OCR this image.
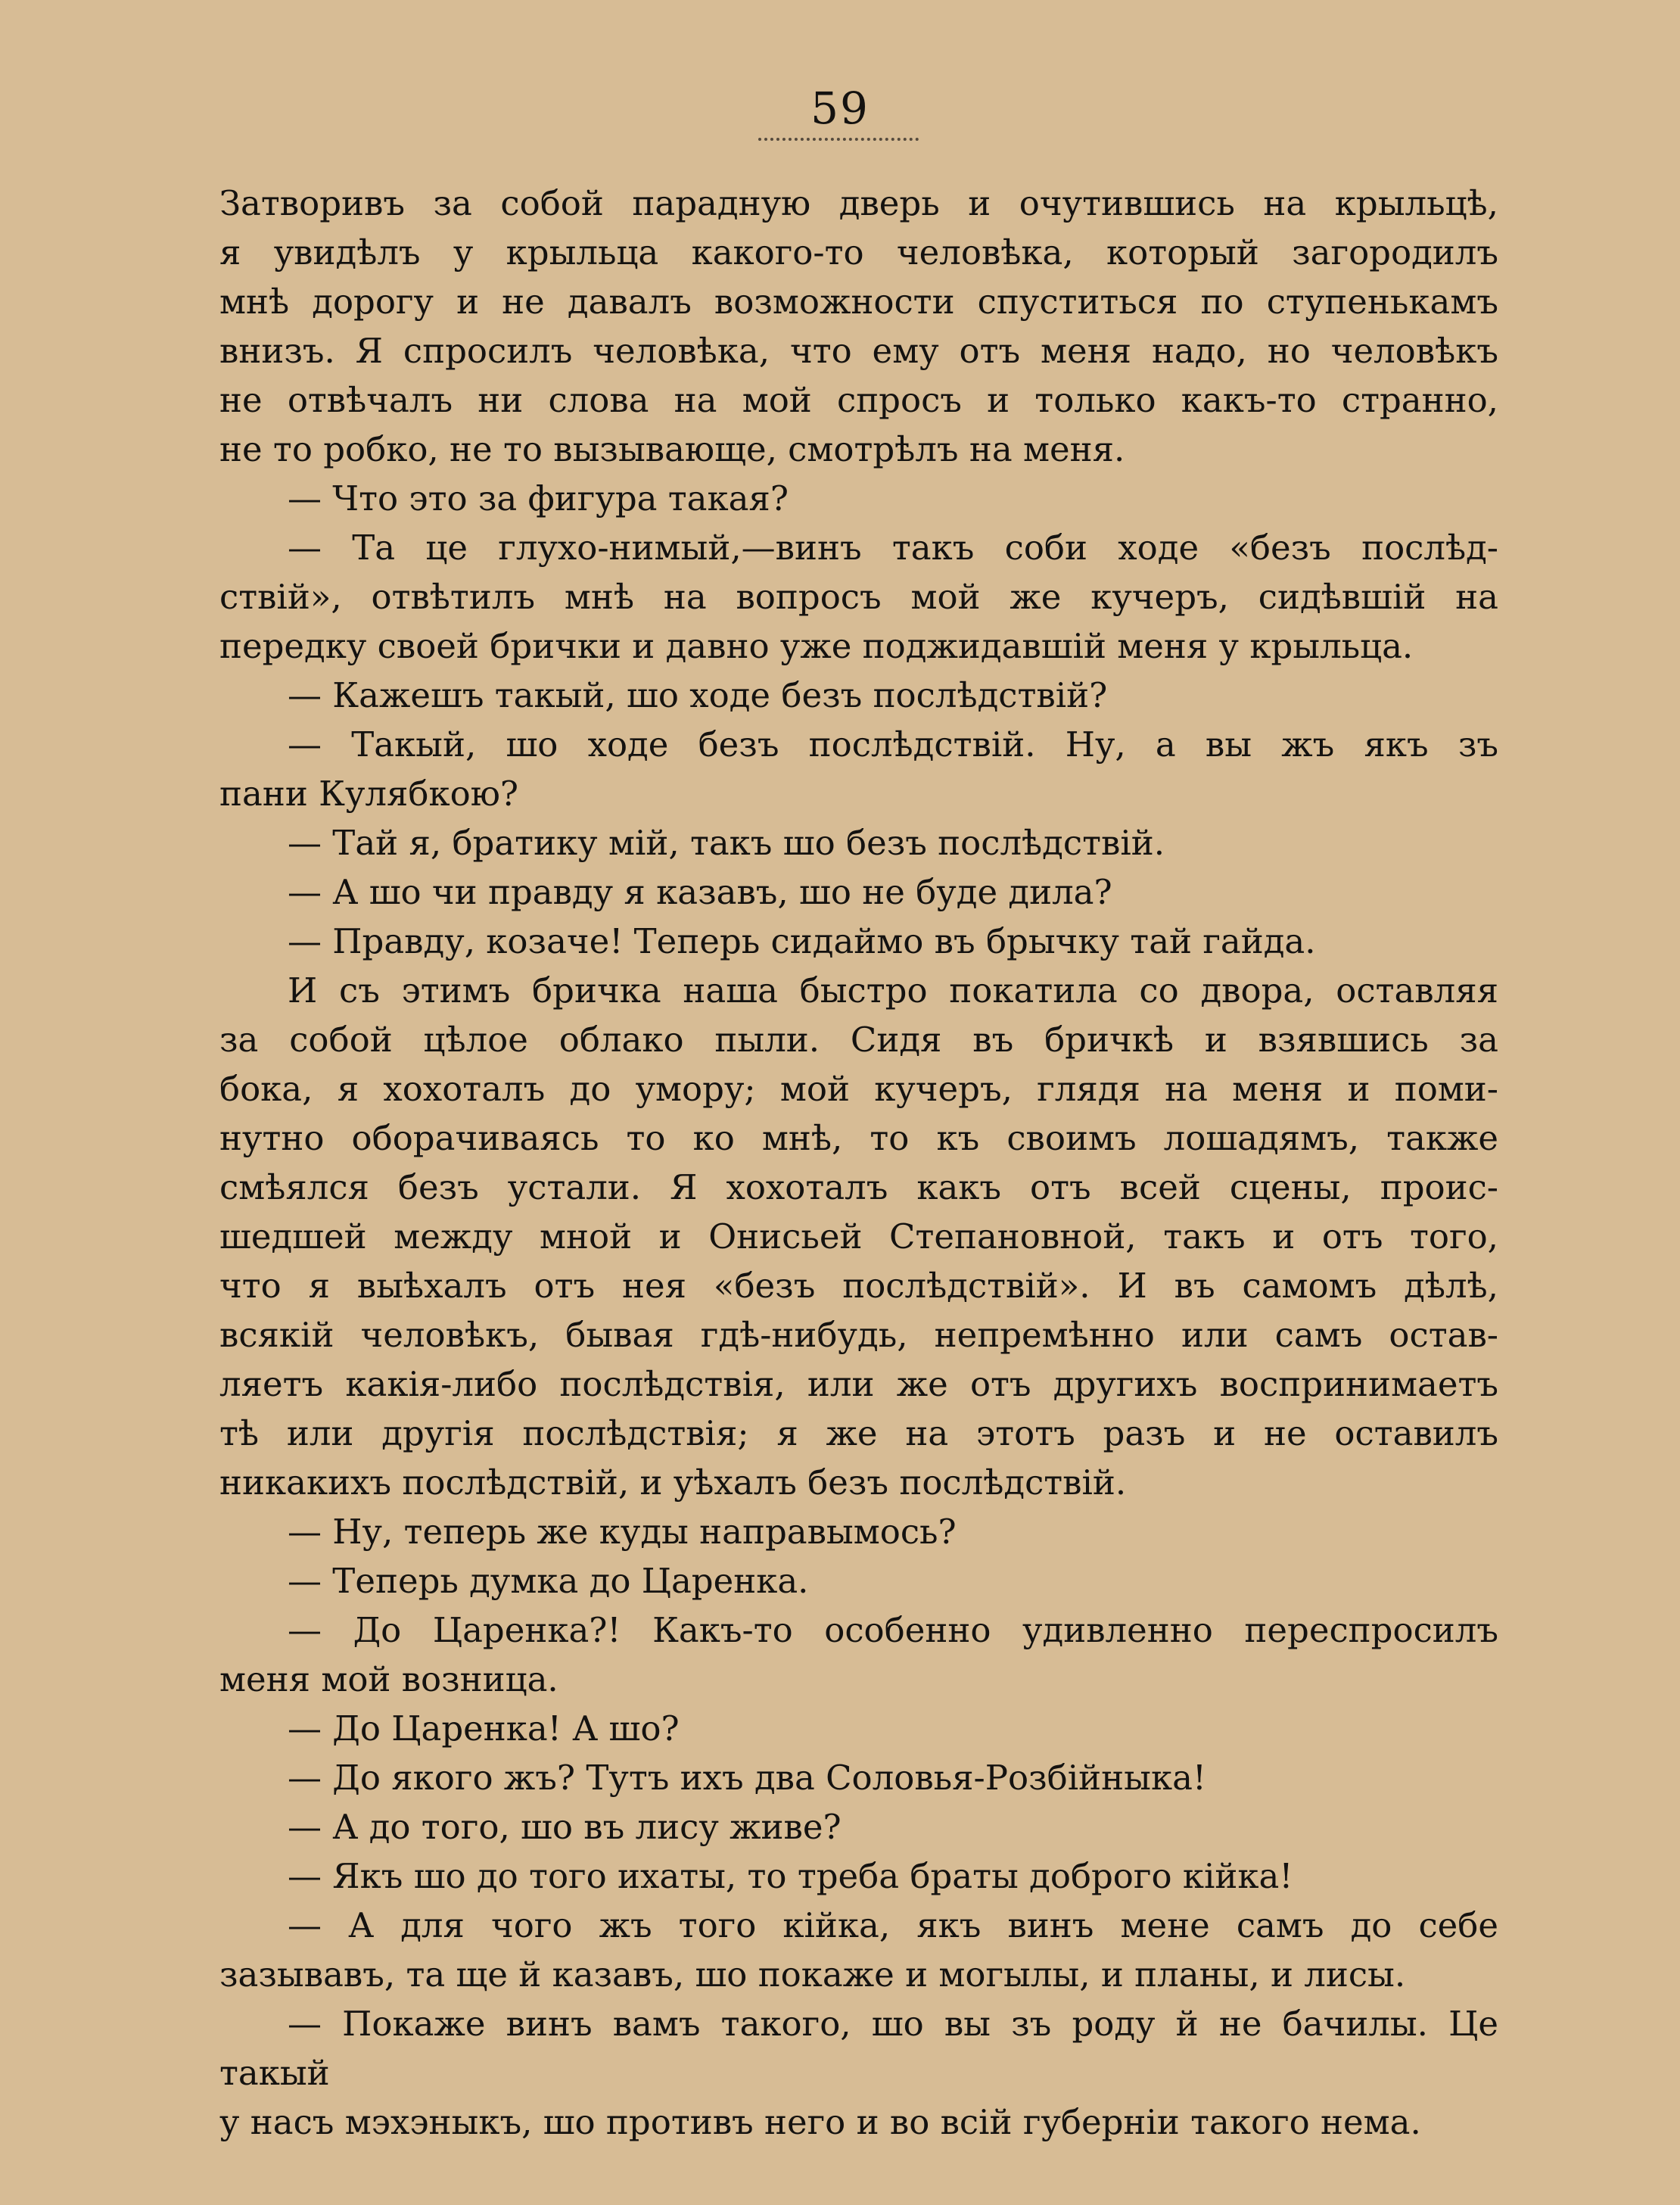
59

Затворивъ за собой парадную дверь и очутившись на крыльцѣ,

я увидѣлъ у крыльца какого-то человѣка, который загородилъ

мнѣ дорогу и не давалъ возможности спуститься по ступенькамъ

внизъ. Я спросилъ человѣка, что ему отъ меня надо, но человѣкъ

не отвѣчалъ ни слова на мой спросъ и только какъ-то странно,

не то робко, не то вызывающе, смотрѣлъ на меня.

— Что это за фигура такая?

— Та це глухо-нимый,—винъ такъ соби ходе «безъ послѣд-

ствій», отвѣтилъ мнѣ на вопросъ мой же кучеръ, сидѣвшій на

передку своей брички и давно уже поджидавшій меня у крыльца.

— Кажешъ такый, шо ходе безъ послѣдствій?

— Такый, шо ходе безъ послѣдствій. Ну, а вы жъ якъ зъ

пани Кулябкою?

— Тай я, братику мій, такъ шо безъ послѣдствій.

— А шо чи правду я казавъ, шо не буде дила?

— Правду, козаче! Теперь сидаймо въ брычку тай гайда.

И съ этимъ бричка наша быстро покатила со двора, оставляя

за собой цѣлое облако пыли. Сидя въ бричкѣ и взявшись за

бока, я хохоталъ до умору; мой кучеръ, глядя на меня и поми-

нутно оборачиваясь то ко мнѣ, то къ своимъ лошадямъ, также

смѣялся безъ устали. Я хохоталъ какъ отъ всей сцены, проис-

шедшей между мной и Онисьей Степановной, такъ и отъ того,

что я выѣхалъ отъ нея «безъ послѣдствій». И въ самомъ дѣлѣ,

всякій человѣкъ, бывая гдѣ-нибудь, непремѣнно или самъ остав-

ляетъ какія-либо послѣдствія, или же отъ другихъ воспринимаетъ

тѣ или другія послѣдствія; я же на этотъ разъ и не оставилъ

никакихъ послѣдствій, и уѣхалъ безъ послѣдствій.

— Ну, теперь же куды направымось?

— Теперь думка до Царенка.

— До Царенка?! Какъ-то особенно удивленно переспросилъ

меня мой возница.

— До Царенка! А шо?

— До якого жъ? Тутъ ихъ два Соловья-Розбійныка!

— А до того, шо въ лису живе?

— Якъ шо до того ихаты, то треба браты доброго кійка!

— А для чого жъ того кійка, якъ винъ мене самъ до себе

зазывавъ, та ще й казавъ, шо покаже и могылы, и планы, и лисы.

— Покаже винъ вамъ такого, шо вы зъ роду й не бачилы. Це такый

у насъ мэхэныкъ, шо противъ него и во всій губерніи такого нема.
